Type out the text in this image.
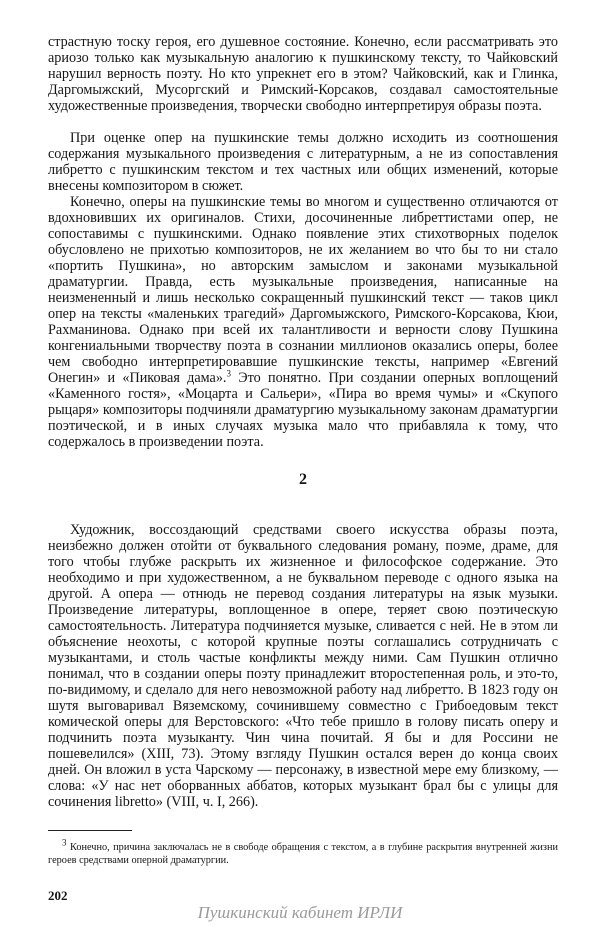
страстную тоску героя, его душевное состояние. Конечно, если рассматривать это ариозо только как музыкальную аналогию к пушкинскому тексту, то Чайковский нарушил верность поэту. Но кто упрекнет его в этом? Чайковский, как и Глинка, Даргомыжский, Мусоргский и Римский-Корсаков, создавал самостоятельные художественные произведения, творчески свободно интерпретируя образы поэта.

При оценке опер на пушкинские темы должно исходить из соотношения содержания музыкального произведения с литературным, а не из сопоставления либретто с пушкинским текстом и тех частных или общих изменений, которые внесены композитором в сюжет.

Конечно, оперы на пушкинские темы во многом и существенно отличаются от вдохновивших их оригиналов. Стихи, досочиненные либреттистами опер, не сопоставимы с пушкинскими. Однако появление этих стихотворных поделок обусловлено не прихотью композиторов, не их желанием во что бы то ни стало «портить Пушкина», но авторским замыслом и законами музыкальной драматургии. Правда, есть музыкальные произведения, написанные на неизмененный и лишь несколько сокращенный пушкинский текст — таков цикл опер на тексты «маленьких трагедий» Даргомыжского, Римского-Корсакова, Кюи, Рахманинова. Однако при всей их талантливости и верности слову Пушкина конгениальными творчеству поэта в сознании миллионов оказались оперы, более чем свободно интерпретировавшие пушкинские тексты, например «Евгений Онегин» и «Пиковая дама».$^3$ Это понятно. При создании оперных воплощений «Каменного гостя», «Моцарта и Сальери», «Пира во время чумы» и «Скупого рыцаря» композиторы подчиняли драматургию музыкальному законам драматургии поэтической, и в иных случаях музыка мало что прибавляла к тому, что содержалось в произведении поэта.

2

Художник, воссоздающий средствами своего искусства образы поэта, неизбежно должен отойти от буквального следования роману, поэме, драме, для того чтобы глубже раскрыть их жизненное и философское содержание. Это необходимо и при художественном, а не буквальном переводе с одного языка на другой. А опера — отнюдь не перевод создания литературы на язык музыки. Произведение литературы, воплощенное в опере, теряет свою поэтическую самостоятельность. Литература подчиняется музыке, сливается с ней. Не в этом ли объяснение неохоты, с которой крупные поэты соглашались сотрудничать с музыкантами, и столь частые конфликты между ними. Сам Пушкин отлично понимал, что в создании оперы поэту принадлежит второстепенная роль, и это-то, по-видимому, и сделало для него невозможной работу над либретто. В 1823 году он шутя выговаривал Вяземскому, сочинившему совместно с Грибоедовым текст комической оперы для Верстовского: «Что тебе пришло в голову писать оперу и подчинить поэта музыканту. Чин чина почитай. Я бы и для Россини не пошевелился» (XIII, 73). Этому взгляду Пушкин остался верен до конца своих дней. Он вложил в уста Чарскому — персонажу, в известной мере ему близкому, — слова: «У нас нет оборванных аббатов, которых музыкант брал бы с улицы для сочинения libretto» (VIII, ч. I, 266).

$^3$ Конечно, причина заключалась не в свободе обращения с текстом, а в глубине раскрытия внутренней жизни героев средствами оперной драматургии.

202
Пушкинский кабинет ИРЛИ
